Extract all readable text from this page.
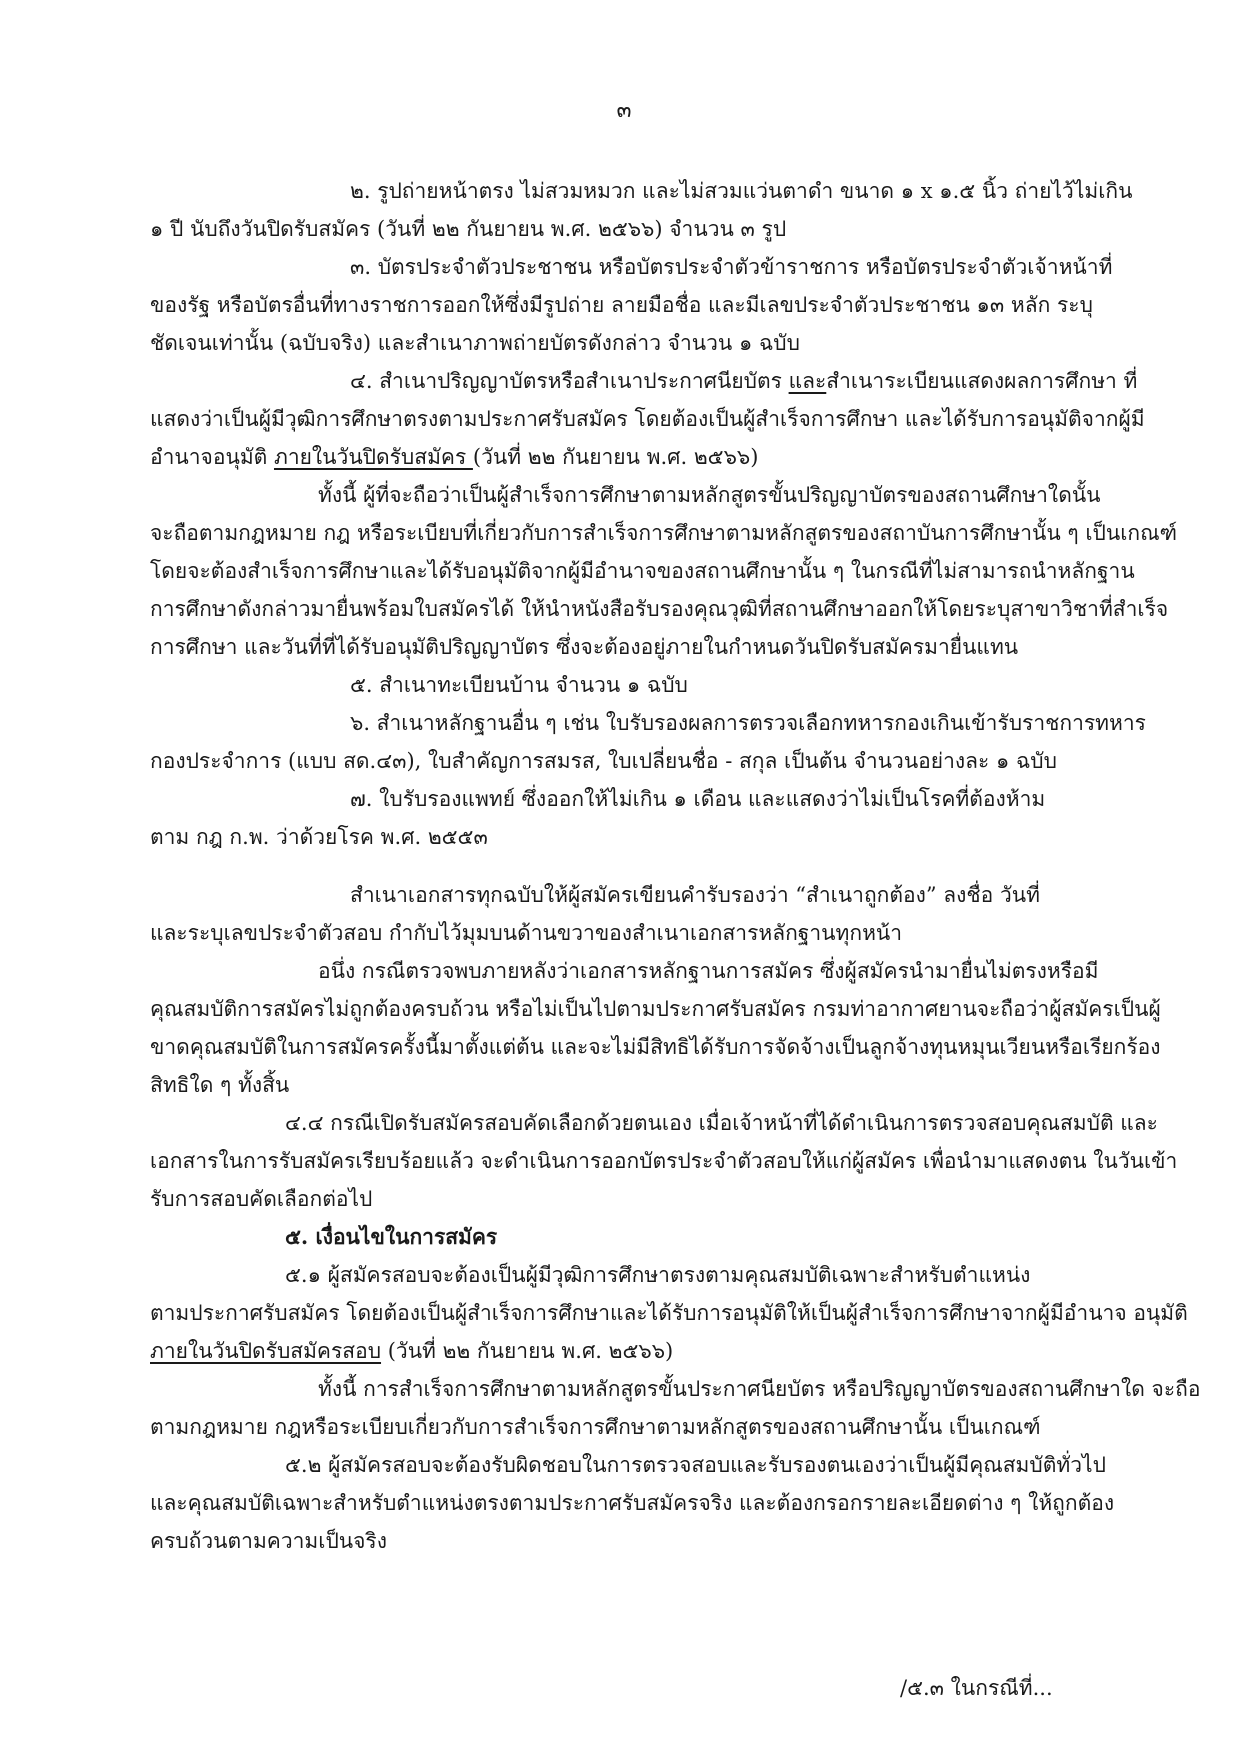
๓
๒. รูปถ่ายหน้าตรง ไม่สวมหมวก และไม่สวมแว่นตาดำ ขนาด ๑ x ๑.๕ นิ้ว ถ่ายไว้ไม่เกิน
๑ ปี นับถึงวันปิดรับสมัคร (วันที่ ๒๒ กันยายน พ.ศ. ๒๕๖๖) จำนวน ๓ รูป
๓. บัตรประจำตัวประชาชน หรือบัตรประจำตัวข้าราชการ หรือบัตรประจำตัวเจ้าหน้าที่
ของรัฐ หรือบัตรอื่นที่ทางราชการออกให้ซึ่งมีรูปถ่าย ลายมือชื่อ และมีเลขประจำตัวประชาชน ๑๓ หลัก ระบุ
ชัดเจนเท่านั้น (ฉบับจริง) และสำเนาภาพถ่ายบัตรดังกล่าว จำนวน ๑ ฉบับ
๔. สำเนาปริญญาบัตรหรือสำเนาประกาศนียบัตร และสำเนาระเบียนแสดงผลการศึกษา ที่
แสดงว่าเป็นผู้มีวุฒิการศึกษาตรงตามประกาศรับสมัคร โดยต้องเป็นผู้สำเร็จการศึกษา และได้รับการอนุมัติจากผู้มี
อำนาจอนุมัติ ภายในวันปิดรับสมัคร (วันที่ ๒๒ กันยายน พ.ศ. ๒๕๖๖)
ทั้งนี้ ผู้ที่จะถือว่าเป็นผู้สำเร็จการศึกษาตามหลักสูตรขั้นปริญญาบัตรของสถานศึกษาใดนั้น
จะถือตามกฎหมาย กฎ หรือระเบียบที่เกี่ยวกับการสำเร็จการศึกษาตามหลักสูตรของสถาบันการศึกษานั้น ๆ เป็นเกณฑ์
โดยจะต้องสำเร็จการศึกษาและได้รับอนุมัติจากผู้มีอำนาจของสถานศึกษานั้น ๆ ในกรณีที่ไม่สามารถนำหลักฐาน
การศึกษาดังกล่าวมายื่นพร้อมใบสมัครได้ ให้นำหนังสือรับรองคุณวุฒิที่สถานศึกษาออกให้โดยระบุสาขาวิชาที่สำเร็จ
การศึกษา และวันที่ที่ได้รับอนุมัติปริญญาบัตร ซึ่งจะต้องอยู่ภายในกำหนดวันปิดรับสมัครมายื่นแทน
๕. สำเนาทะเบียนบ้าน จำนวน ๑ ฉบับ
๖. สำเนาหลักฐานอื่น ๆ เช่น ใบรับรองผลการตรวจเลือกทหารกองเกินเข้ารับราชการทหาร
กองประจำการ (แบบ สด.๔๓), ใบสำคัญการสมรส, ใบเปลี่ยนชื่อ - สกุล เป็นต้น จำนวนอย่างละ ๑ ฉบับ
๗. ใบรับรองแพทย์ ซึ่งออกให้ไม่เกิน ๑ เดือน และแสดงว่าไม่เป็นโรคที่ต้องห้าม
ตาม กฎ ก.พ. ว่าด้วยโรค พ.ศ. ๒๕๕๓
สำเนาเอกสารทุกฉบับให้ผู้สมัครเขียนคำรับรองว่า “สำเนาถูกต้อง” ลงชื่อ วันที่
และระบุเลขประจำตัวสอบ กำกับไว้มุมบนด้านขวาของสำเนาเอกสารหลักฐานทุกหน้า
อนึ่ง กรณีตรวจพบภายหลังว่าเอกสารหลักฐานการสมัคร ซึ่งผู้สมัครนำมายื่นไม่ตรงหรือมี
คุณสมบัติการสมัครไม่ถูกต้องครบถ้วน หรือไม่เป็นไปตามประกาศรับสมัคร กรมท่าอากาศยานจะถือว่าผู้สมัครเป็นผู้
ขาดคุณสมบัติในการสมัครครั้งนี้มาตั้งแต่ต้น และจะไม่มีสิทธิได้รับการจัดจ้างเป็นลูกจ้างทุนหมุนเวียนหรือเรียกร้อง
สิทธิใด ๆ ทั้งสิ้น
๔.๔ กรณีเปิดรับสมัครสอบคัดเลือกด้วยตนเอง เมื่อเจ้าหน้าที่ได้ดำเนินการตรวจสอบคุณสมบัติ และ
เอกสารในการรับสมัครเรียบร้อยแล้ว จะดำเนินการออกบัตรประจำตัวสอบให้แก่ผู้สมัคร เพื่อนำมาแสดงตน ในวันเข้า
รับการสอบคัดเลือกต่อไป
๕. เงื่อนไขในการสมัคร
๕.๑ ผู้สมัครสอบจะต้องเป็นผู้มีวุฒิการศึกษาตรงตามคุณสมบัติเฉพาะสำหรับตำแหน่ง
ตามประกาศรับสมัคร โดยต้องเป็นผู้สำเร็จการศึกษาและได้รับการอนุมัติให้เป็นผู้สำเร็จการศึกษาจากผู้มีอำนาจ อนุมัติ
ภายในวันปิดรับสมัครสอบ (วันที่ ๒๒ กันยายน พ.ศ. ๒๕๖๖)
ทั้งนี้ การสำเร็จการศึกษาตามหลักสูตรขั้นประกาศนียบัตร หรือปริญญาบัตรของสถานศึกษาใด จะถือ
ตามกฎหมาย กฎหรือระเบียบเกี่ยวกับการสำเร็จการศึกษาตามหลักสูตรของสถานศึกษานั้น เป็นเกณฑ์
๕.๒ ผู้สมัครสอบจะต้องรับผิดชอบในการตรวจสอบและรับรองตนเองว่าเป็นผู้มีคุณสมบัติทั่วไป
และคุณสมบัติเฉพาะสำหรับตำแหน่งตรงตามประกาศรับสมัครจริง และต้องกรอกรายละเอียดต่าง ๆ ให้ถูกต้อง
ครบถ้วนตามความเป็นจริง
/๕.๓ ในกรณีที่...
